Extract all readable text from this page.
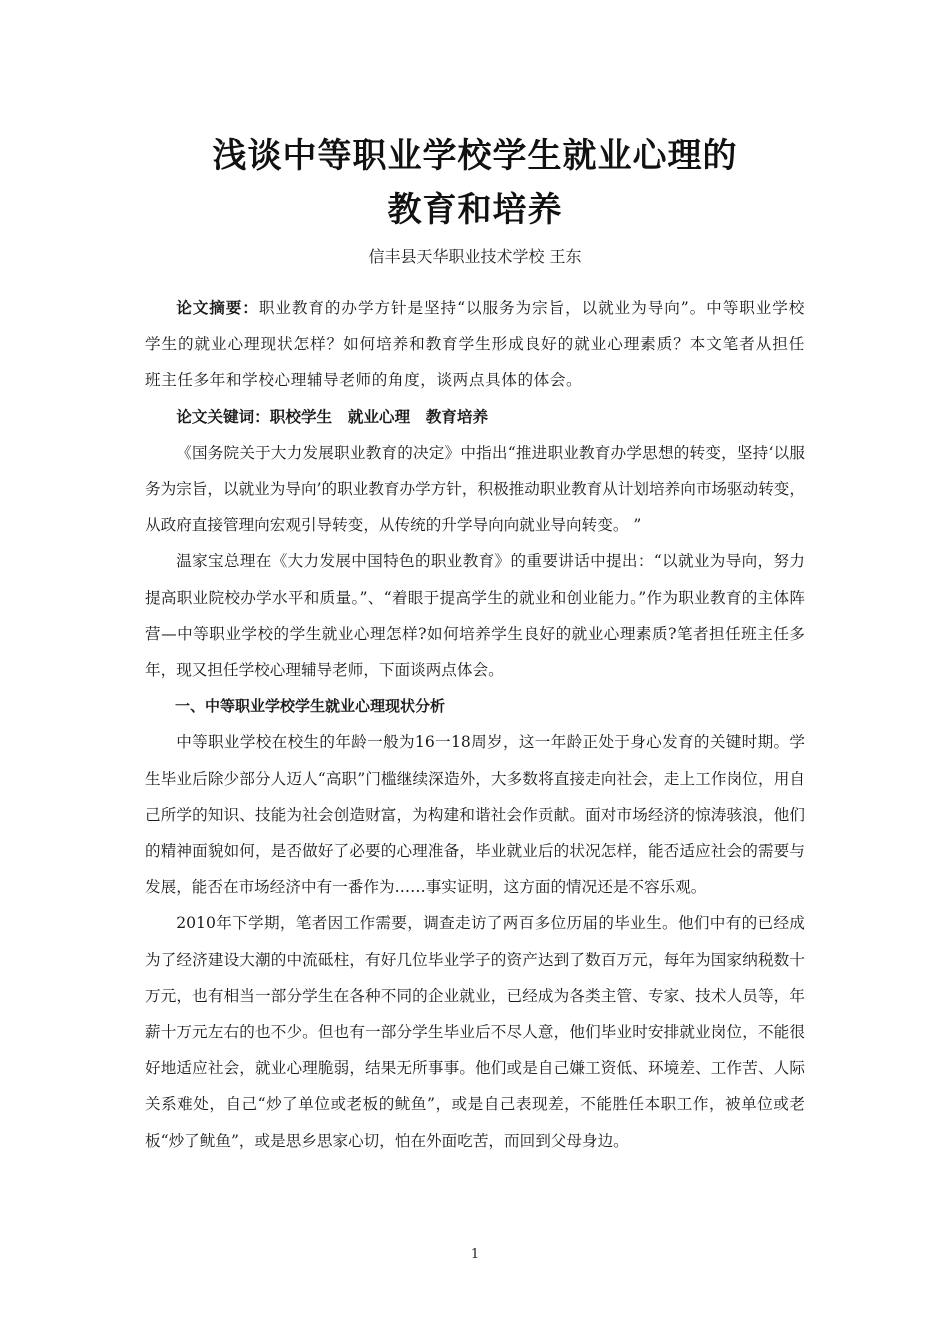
浅谈中等职业学校学生就业心理的
教育和培养
信丰县天华职业技术学校 王东

论文摘要：职业教育的办学方针是坚持“以服务为宗旨，以就业为导向”。中等职业学校学生的就业心理现状怎样？如何培养和教育学生形成良好的就业心理素质？本文笔者从担任班主任多年和学校心理辅导老师的角度，谈两点具体的体会。

论文关键词：职校学生　就业心理　教育培养

《国务院关于大力发展职业教育的决定》中指出“推进职业教育办学思想的转变，坚持‘以服务为宗旨，以就业为导向’的职业教育办学方针，积极推动职业教育从计划培养向市场驱动转变，从政府直接管理向宏观引导转变，从传统的升学导向向就业导向转变。 ”

温家宝总理在《大力发展中国特色的职业教育》的重要讲话中提出：“以就业为导向，努力提高职业院校办学水平和质量。”、“着眼于提高学生的就业和创业能力。”作为职业教育的主体阵营—中等职业学校的学生就业心理怎样?如何培养学生良好的就业心理素质?笔者担任班主任多年，现又担任学校心理辅导老师，下面谈两点体会。

一、中等职业学校学生就业心理现状分析

中等职业学校在校生的年龄一般为16一18周岁，这一年龄正处于身心发育的关键时期。学生毕业后除少部分人迈人“高职”门槛继续深造外，大多数将直接走向社会，走上工作岗位，用自己所学的知识、技能为社会创造财富，为构建和谐社会作贡献。面对市场经济的惊涛骇浪，他们的精神面貌如何，是否做好了必要的心理准备，毕业就业后的状况怎样，能否适应社会的需要与发展，能否在市场经济中有一番作为……事实证明，这方面的情况还是不容乐观。

2010年下学期，笔者因工作需要，调查走访了两百多位历届的毕业生。他们中有的已经成为了经济建设大潮的中流砥柱，有好几位毕业学子的资产达到了数百万元，每年为国家纳税数十万元，也有相当一部分学生在各种不同的企业就业，已经成为各类主管、专家、技术人员等，年薪十万元左右的也不少。但也有一部分学生毕业后不尽人意，他们毕业时安排就业岗位，不能很好地适应社会，就业心理脆弱，结果无所事事。他们或是自己嫌工资低、环境差、工作苦、人际关系难处，自己“炒了单位或老板的鱿鱼”，或是自己表现差，不能胜任本职工作，被单位或老板“炒了鱿鱼”，或是思乡思家心切，怕在外面吃苦，而回到父母身边。

1
